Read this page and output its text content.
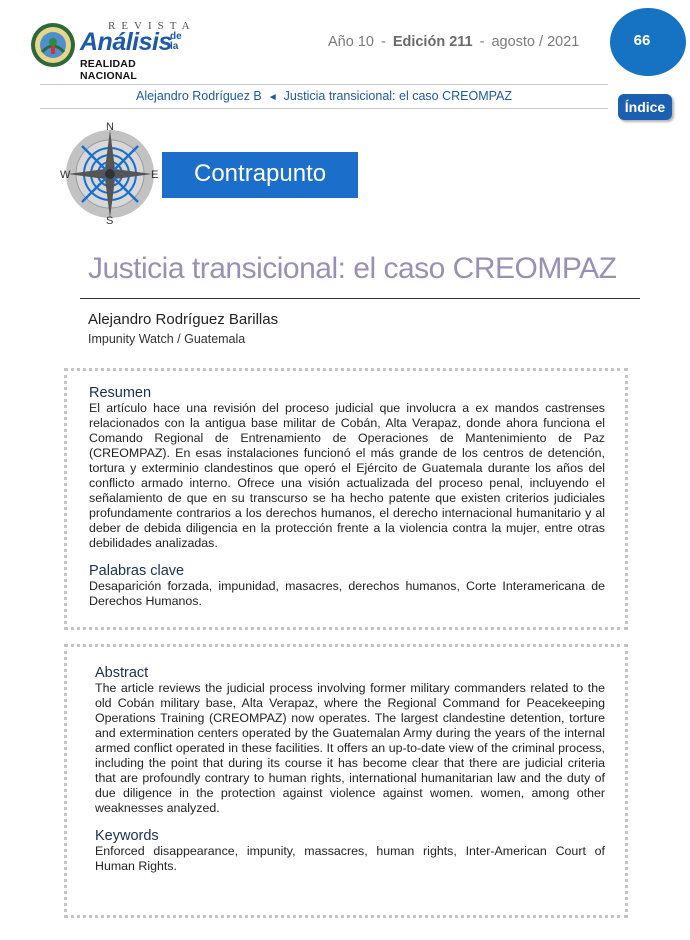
REVISTA
Análisis
de la
REALIDAD NACIONAL
Año 10 - Edición 211 - agosto / 2021	66
Alejandro Rodríguez B ◄ Justicia transicional: el caso CREOMPAZ
Índice
N
S
E
W	Contrapunto
Justicia transicional: el caso CREOMPAZ
Alejandro Rodríguez Barillas
Impunity Watch / Guatemala
Resumen

El artículo hace una revisión del proceso judicial que involucra a ex mandos castrenses relacionados con la antigua base militar de Cobán, Alta Verapaz, donde ahora funciona el Comando Regional de Entrenamiento de Operaciones de Mantenimiento de Paz (CREOMPAZ). En esas instalaciones funcionó el más grande de los centros de detención, tortura y exterminio clandestinos que operó el Ejército de Guatemala durante los años del conflicto armado interno. Ofrece una visión actualizada del proceso penal, incluyendo el señalamiento de que en su transcurso se ha hecho patente que existen criterios judiciales profundamente contrarios a los derechos humanos, el derecho internacional humanitario y al deber de debida diligencia en la protección frente a la violencia contra la mujer, entre otras debilidades analizadas.

Palabras clave

Desaparición forzada, impunidad, masacres, derechos humanos, Corte Interamericana de Derechos Humanos.

Abstract

The article reviews the judicial process involving former military commanders related to the old Cobán military base, Alta Verapaz, where the Regional Command for Peacekeeping Operations Training (CREOMPAZ) now operates. The largest clandestine detention, torture and extermination centers operated by the Guatemalan Army during the years of the internal armed conflict operated in these facilities. It offers an up-to-date view of the criminal process, including the point that during its course it has become clear that there are judicial criteria that are profoundly contrary to human rights, international humanitarian law and the duty of due diligence in the protection against violence against women. women, among other weaknesses analyzed.

Keywords

Enforced disappearance, impunity, massacres, human rights, Inter-American Court of Human Rights.
